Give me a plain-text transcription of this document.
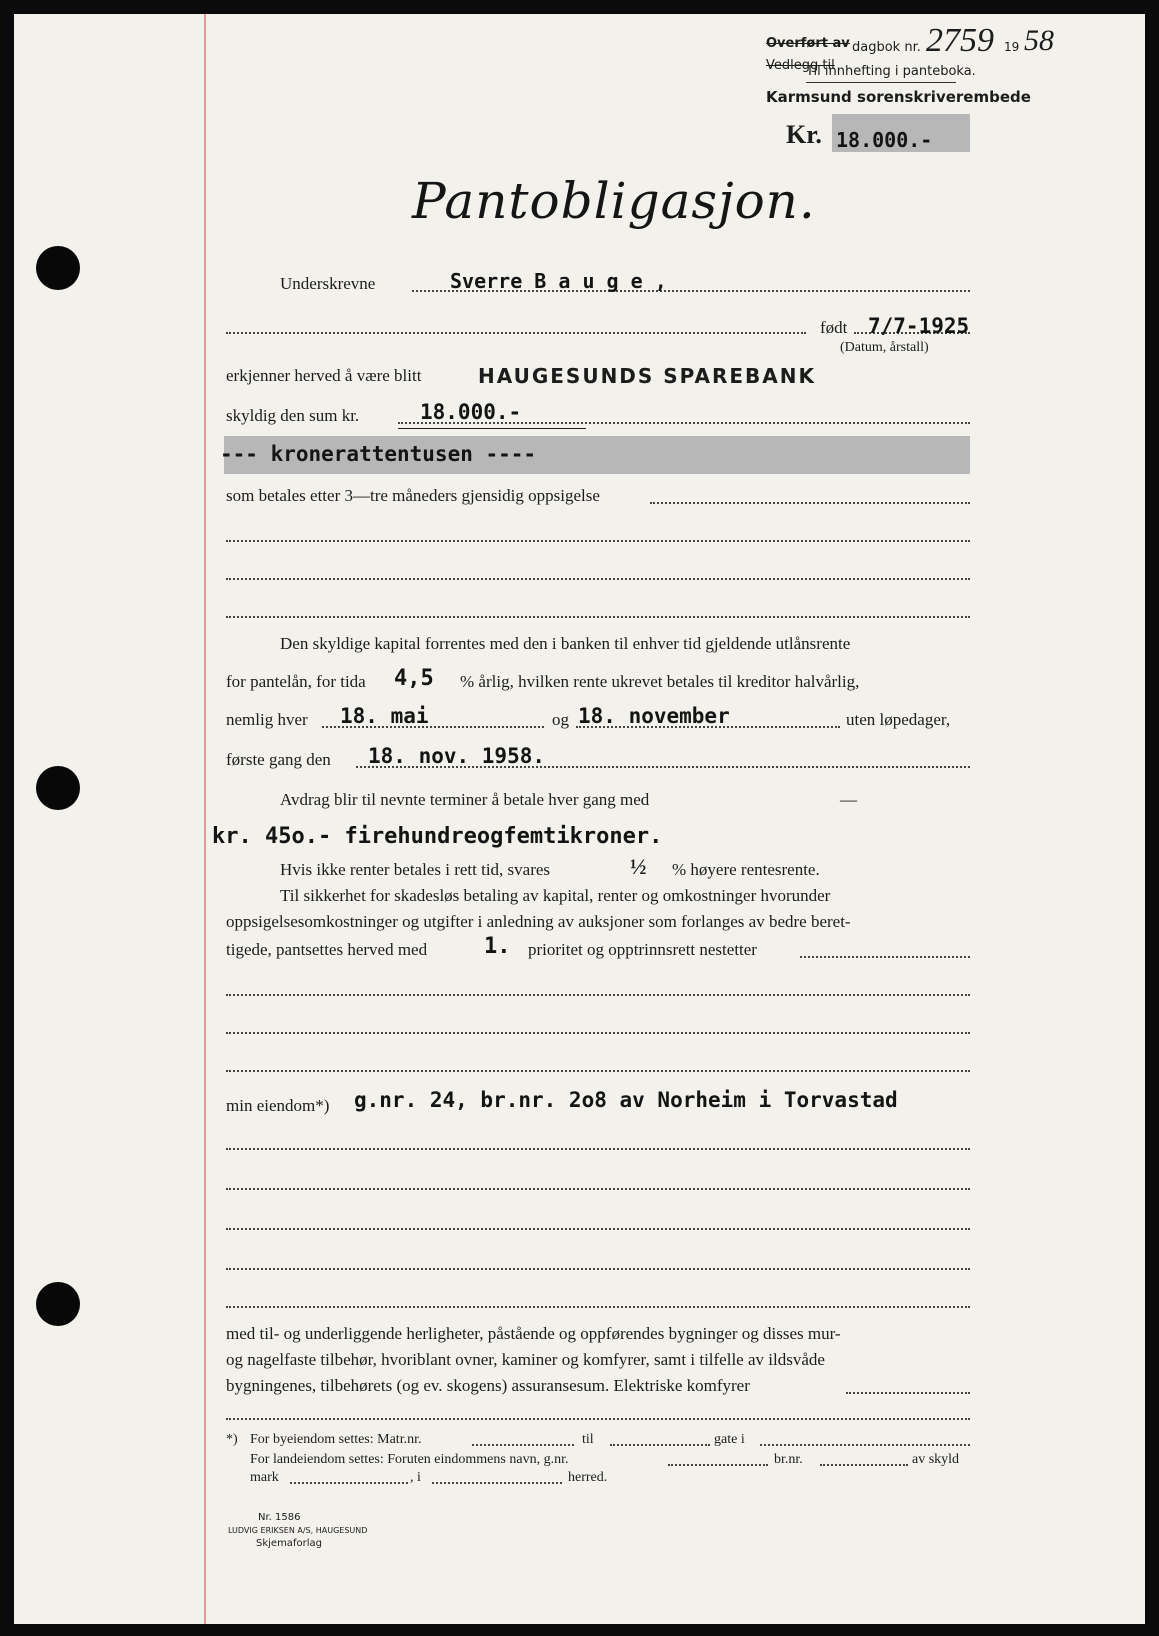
Overført av dagbok nr. 2759 19 58
Vedlegg til
Til innhefting i panteboka.
Karmsund sorenskriverembede
Kr. 18.000.-
Pantobligasjon.
Underskrevne	Sverre B a u g e ,
født 7/7-1925
(Datum, årstall)
erkjenner herved å være blitt	HAUGESUNDS SPAREBANK
skyldig den sum kr.	18.000.-
--- kronerattentusen ----
som betales etter 3—tre måneders gjensidig oppsigelse
Den skyldige kapital forrentes med den i banken til enhver tid gjeldende utlånsrente
for pantelån, for tida 4,5 % årlig, hvilken rente ukrevet betales til kreditor halvårlig,
nemlig hver 18. mai	og 18. november	uten løpedager,
første gang den 18. nov. 1958.
Avdrag blir til nevnte terminer å betale hver gang med	—
kr. 45o.- firehundreogfemtikroner.
Hvis ikke renter betales i rett tid, svares	½ % høyere rentesrente.
Til sikkerhet for skadesløs betaling av kapital, renter og omkostninger hvorunder
oppsigelsesomkostninger og utgifter i anledning av auksjoner som forlanges av bedre beret-
tigede, pantsettes herved med	1. prioritet og opptrinnsrett nestetter
min eiendom*) g.nr. 24, br.nr. 2o8 av Norheim i Torvastad
med til- og underliggende herligheter, påstående og oppførendes bygninger og disses mur-
og nagelfaste tilbehør, hvoriblant ovner, kaminer og komfyrer, samt i tilfelle av ildsvåde
bygningenes, tilbehørets (og ev. skogens) assuransesum. Elektriske komfyrer
*) For byeiendom settes: Matr.nr.	til	gate i
For landeiendom settes: Foruten eindommens navn, g.nr.	br.nr.	av skyld
mark	, i	herred.
Nr. 1586
LUDVIG ERIKSEN A/S, HAUGESUND
Skjemaforlag
